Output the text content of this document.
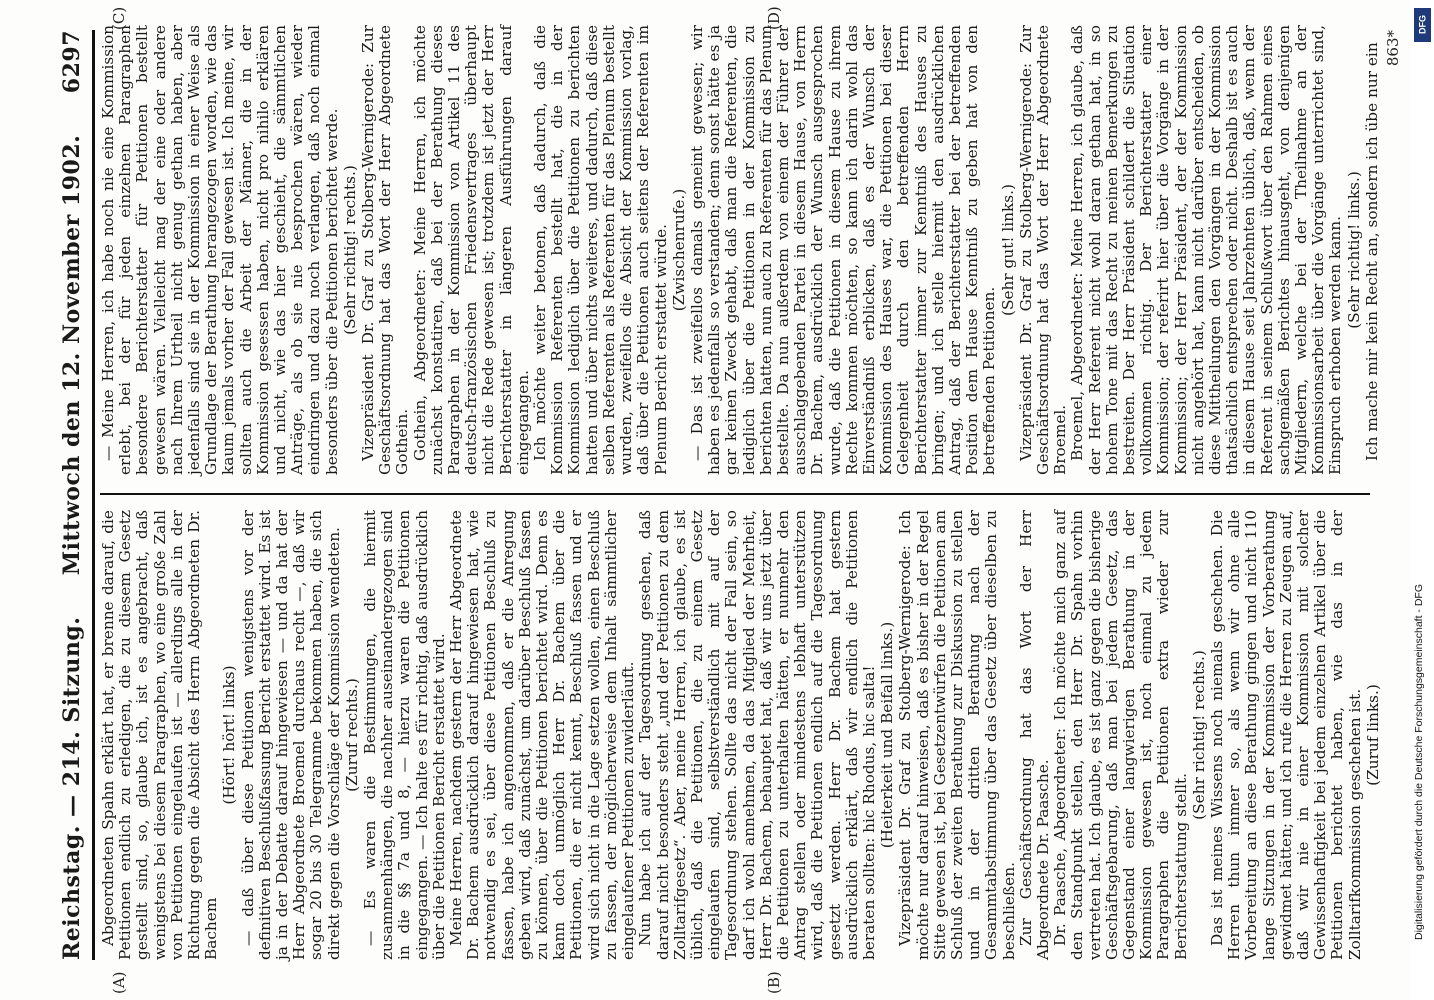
Reichstag. — 214. Sitzung.
Mittwoch den 12. November 1902.
6297
(A)	(B)
(C)	(D)
863*

Abgeordneten Spahn erklärt hat, er brenne darauf, die Petitionen endlich zu erledigen, die zu diesem Gesetz gestellt sind, so, glaube ich, ist es angebracht, daß wenigstens bei diesem Paragraphen, wo eine große Zahl von Petitionen eingelaufen ist — allerdings alle in der Richtung gegen die Absicht des Herrn Abgeordneten Dr. Bachem

(Hört! hört! links) — daß über diese Petitionen wenigstens vor der definitiven Beschlußfassung Bericht erstattet wird. Es ist ja in der Debatte darauf hingewiesen — und da hat der Herr Abgeordnete Broemel durchaus recht —, daß wir sogar 20 bis 30 Telegramme bekommen haben, die sich direkt gegen die Vorschläge der Kommission wendeten. (Zuruf rechts.) — Es waren die Bestimmungen, die hiermit zusammenhängen, die nachher auseinandergezogen sind in die §§ 7a und 8, — hierzu waren die Petitionen eingegangen. — Ich halte es für richtig, daß ausdrücklich über die Petitionen Bericht erstattet wird. Meine Herren, nachdem gestern der Herr Abgeordnete Dr. Bachem ausdrücklich darauf hingewiesen hat, wie notwendig es sei, über diese Petitionen Beschluß zu fassen, habe ich angenommen, daß er die Anregung geben wird, daß zunächst, um darüber Beschluß fassen zu können, über die Petitionen berichtet wird. Denn es kann doch unmöglich Herr Dr. Bachem über die Petitionen, die er nicht kennt, Beschluß fassen und er wird sich nicht in die Lage setzen wollen, einen Beschluß zu fassen, der möglicherweise dem Inhalt sämmtlicher eingelaufener Petitionen zuwiderläuft. Nun habe ich auf der Tagesordnung gesehen, daß darauf nicht besonders steht „und der Petitionen zu dem Zolltarifgesetz“. Aber, meine Herren, ich glaube, es ist üblich, daß die Petitionen, die zu einem Gesetz eingelaufen sind, selbstverständlich mit auf der Tagesordnung stehen. Sollte das nicht der Fall sein, so darf ich wohl annehmen, da das Mitglied der Mehrheit, Herr Dr. Bachem, behauptet hat, daß wir uns jetzt über die Petitionen zu unterhalten hätten, er nunmehr den Antrag stellen oder mindestens lebhaft unterstützen wird, daß die Petitionen endlich auf die Tagesordnung gesetzt werden. Herr Dr. Bachem hat gestern ausdrücklich erklärt, daß wir endlich die Petitionen beraten sollten: hic Rhodus, hic salta! (Heiterkeit und Beifall links.) Vizepräsident Dr. Graf zu Stolberg-Wernigerode: Ich möchte nur darauf hinweisen, daß es bisher in der Regel Sitte gewesen ist, bei Gesetzentwürfen die Petitionen am Schluß der zweiten Berathung zur Diskussion zu stellen und in der dritten Berathung nach der Gesammtabstimmung über das Gesetz über dieselben zu beschließen. Zur Geschäftsordnung hat das Wort der Herr Abgeordnete Dr. Paasche. Dr. Paasche, Abgeordneter: Ich möchte mich ganz auf den Standpunkt stellen, den Herr Dr. Spahn vorhin vertreten hat. Ich glaube, es ist ganz gegen die bisherige Geschäftsgebarung, daß man bei jedem Gesetz, das Gegenstand einer langwierigen Berathung in der Kommission gewesen ist, noch einmal zu jedem Paragraphen die Petitionen extra wieder zur Berichterstattung stellt.

(Sehr richtig! rechts.) Das ist meines Wissens noch niemals geschehen. Die Herren thun immer so, als wenn wir ohne alle Vorbereitung an diese Berathung gingen und nicht 110 lange Sitzungen in der Kommission der Vorberathung gewidmet hätten; und ich rufe die Herren zu Zeugen auf, daß wir nie in einer Kommission mit solcher Gewissenhaftigkeit bei jedem einzelnen Artikel über die Petitionen berichtet haben, wie das in der Zolltarifkommission geschehen ist. (Zuruf links.)

— Meine Herren, ich habe noch nie eine Kommission erlebt, bei der für jeden einzelnen Paragraphen besondere Berichterstatter für Petitionen bestellt gewesen wären. Vielleicht mag der eine oder andere nach Ihrem Urtheil nicht genug gethan haben, aber jedenfalls sind sie in der Kommission in einer Weise als Grundlage der Berathung herangezogen worden, wie das kaum jemals vorher der Fall gewesen ist. Ich meine, wir sollten auch die Arbeit der Männer, die in der Kommission gesessen haben, nicht pro nihilo erklären und nicht, wie das hier geschieht, die sämmtlichen Anträge, als ob sie nie besprochen wären, wieder eindringen und dazu noch verlangen, daß noch einmal besonders über die Petitionen berichtet werde. (Sehr richtig! rechts.) Vizepräsident Dr. Graf zu Stolberg-Wernigerode: Zur Geschäftsordnung hat das Wort der Herr Abgeordnete Gothein. Gothein, Abgeordneter: Meine Herren, ich möchte zunächst konstatiren, daß bei der Berathung dieses Paragraphen in der Kommission von Artikel 11 des deutsch-französischen Friedensvertrages überhaupt nicht die Rede gewesen ist; trotzdem ist jetzt der Herr Berichterstatter in längeren Ausführungen darauf eingegangen. Ich möchte weiter betonen, daß dadurch, daß die Kommission Referenten bestellt hat, die in der Kommission lediglich über die Petitionen zu berichten hatten und über nichts weiteres, und dadurch, daß diese selben Referenten als Referenten für das Plenum bestellt wurden, zweifellos die Absicht der Kommission vorlag, daß über die Petitionen auch seitens der Referenten im Plenum Bericht erstattet würde. (Zwischenrufe.) — Das ist zweifellos damals gemeint gewesen; wir haben es jedenfalls so verstanden; denn sonst hätte es ja gar keinen Zweck gehabt, daß man die Referenten, die lediglich über die Petitionen in der Kommission zu berichten hatten, nun auch zu Referenten für das Plenum bestellte. Da nun außerdem von einem der Führer der ausschlaggebenden Partei in diesem Hause, von Herrn Dr. Bachem, ausdrücklich der Wunsch ausgesprochen wurde, daß die Petitionen in diesem Hause zu ihrem Rechte kommen möchten, so kann ich darin wohl das Einverständniß erblicken, daß es der Wunsch der Kommission des Hauses war, die Petitionen bei dieser Gelegenheit durch den betreffenden Herrn Berichterstatter immer zur Kenntniß des Hauses zu bringen; und ich stelle hiermit den ausdrücklichen Antrag, daß der Berichterstatter bei der betreffenden Position dem Hause Kenntniß zu geben hat von den betreffenden Petitionen.

(Sehr gut! links.) Vizepräsident Dr. Graf zu Stolberg-Wernigerode: Zur Geschäftsordnung hat das Wort der Herr Abgeordnete Broemel. Broemel, Abgeordneter: Meine Herren, ich glaube, daß der Herr Referent nicht wohl daran gethan hat, in so hohem Tone mit das Recht zu meinen Bemerkungen zu bestreiten. Der Herr Präsident schildert die Situation vollkommen richtig. Der Berichterstatter einer Kommission; der referirt hier über die Vorgänge in der Kommission; der Herr Präsident, der der Kommission nicht angehört hat, kann nicht darüber entscheiden, ob diese Mittheilungen den Vorgängen in der Kommission thatsächlich entsprechen oder nicht. Deshalb ist es auch in diesem Hause seit Jahrzehnten üblich, daß, wenn der Referent in seinem Schlußwort über den Rahmen eines sachgemäßen Berichtes hinausgeht, von denjenigen Mitgliedern, welche bei der Theilnahme an der Kommissionsarbeit über die Vorgänge unterrichtet sind, Einspruch erhoben werden kann. (Sehr richtig! links.) Ich mache mir kein Recht an, sondern ich übe nur ein

DFG
Digitalisierung gefördert durch die Deutsche Forschungsgemeinschaft - DFG
